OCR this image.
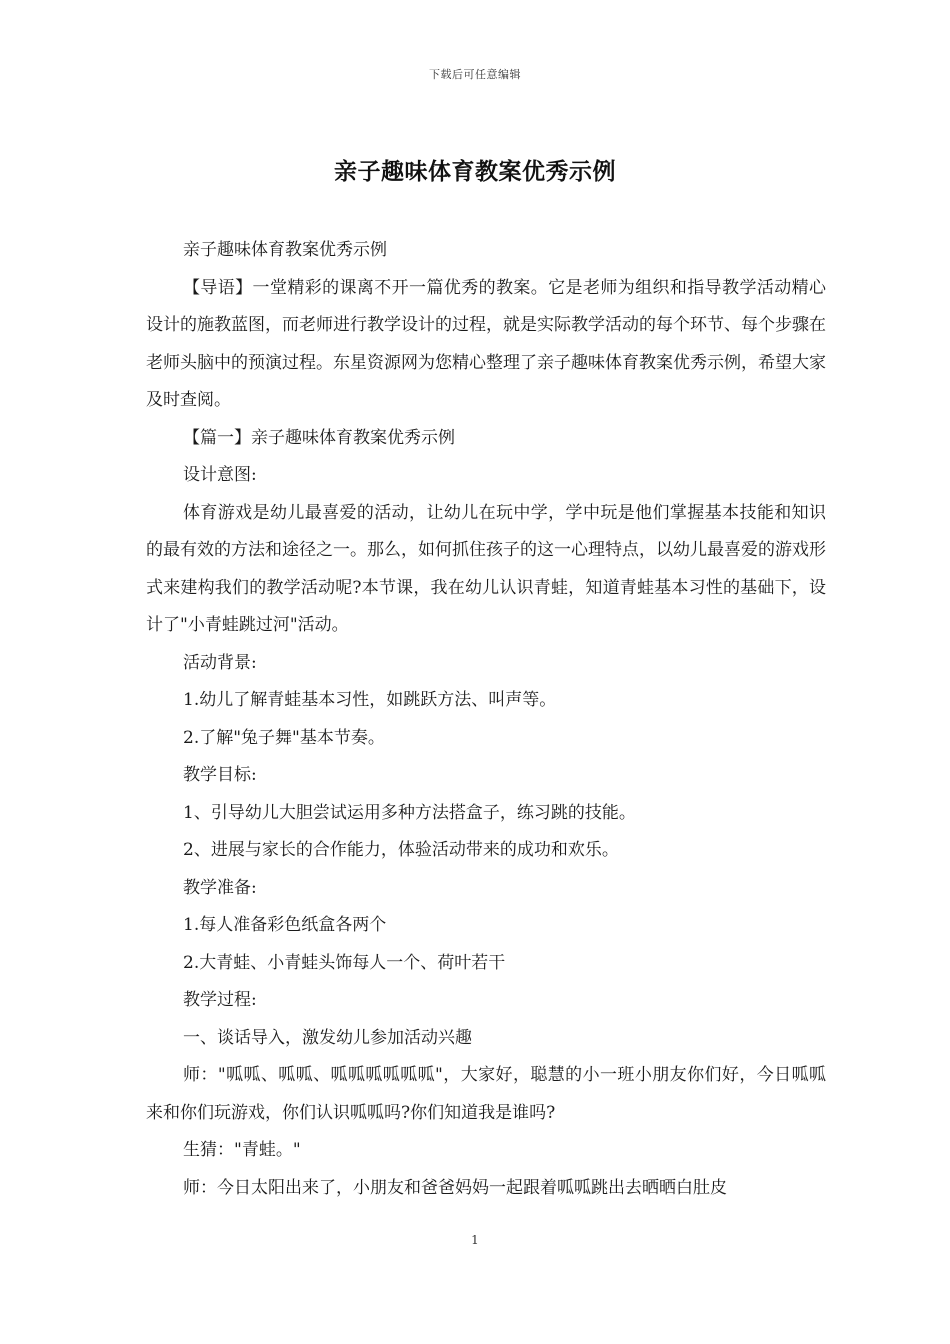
下载后可任意编辑
亲子趣味体育教案优秀示例

亲子趣味体育教案优秀示例

【导语】一堂精彩的课离不开一篇优秀的教案。它是老师为组织和指导教学活动精心设计的施教蓝图，而老师进行教学设计的过程，就是实际教学活动的每个环节、每个步骤在老师头脑中的预演过程。东星资源网为您精心整理了亲子趣味体育教案优秀示例，希望大家及时查阅。

【篇一】亲子趣味体育教案优秀示例

设计意图:

体育游戏是幼儿最喜爱的活动，让幼儿在玩中学，学中玩是他们掌握基本技能和知识的最有效的方法和途径之一。那么，如何抓住孩子的这一心理特点，以幼儿最喜爱的游戏形式来建构我们的教学活动呢?本节课，我在幼儿认识青蛙，知道青蛙基本习性的基础下，设计了"小青蛙跳过河"活动。

活动背景:

1.幼儿了解青蛙基本习性，如跳跃方法、叫声等。

2.了解"兔子舞"基本节奏。

教学目标:

1、引导幼儿大胆尝试运用多种方法搭盒子，练习跳的技能。

2、进展与家长的合作能力，体验活动带来的成功和欢乐。

教学准备:

1.每人准备彩色纸盒各两个

2.大青蛙、小青蛙头饰每人一个、荷叶若干

教学过程:

一、谈话导入，激发幼儿参加活动兴趣

师："呱呱、呱呱、呱呱呱呱呱呱"，大家好，聪慧的小一班小朋友你们好，今日呱呱来和你们玩游戏，你们认识呱呱吗?你们知道我是谁吗?

生猜："青蛙。"

师：今日太阳出来了，小朋友和爸爸妈妈一起跟着呱呱跳出去晒晒白肚皮

1
